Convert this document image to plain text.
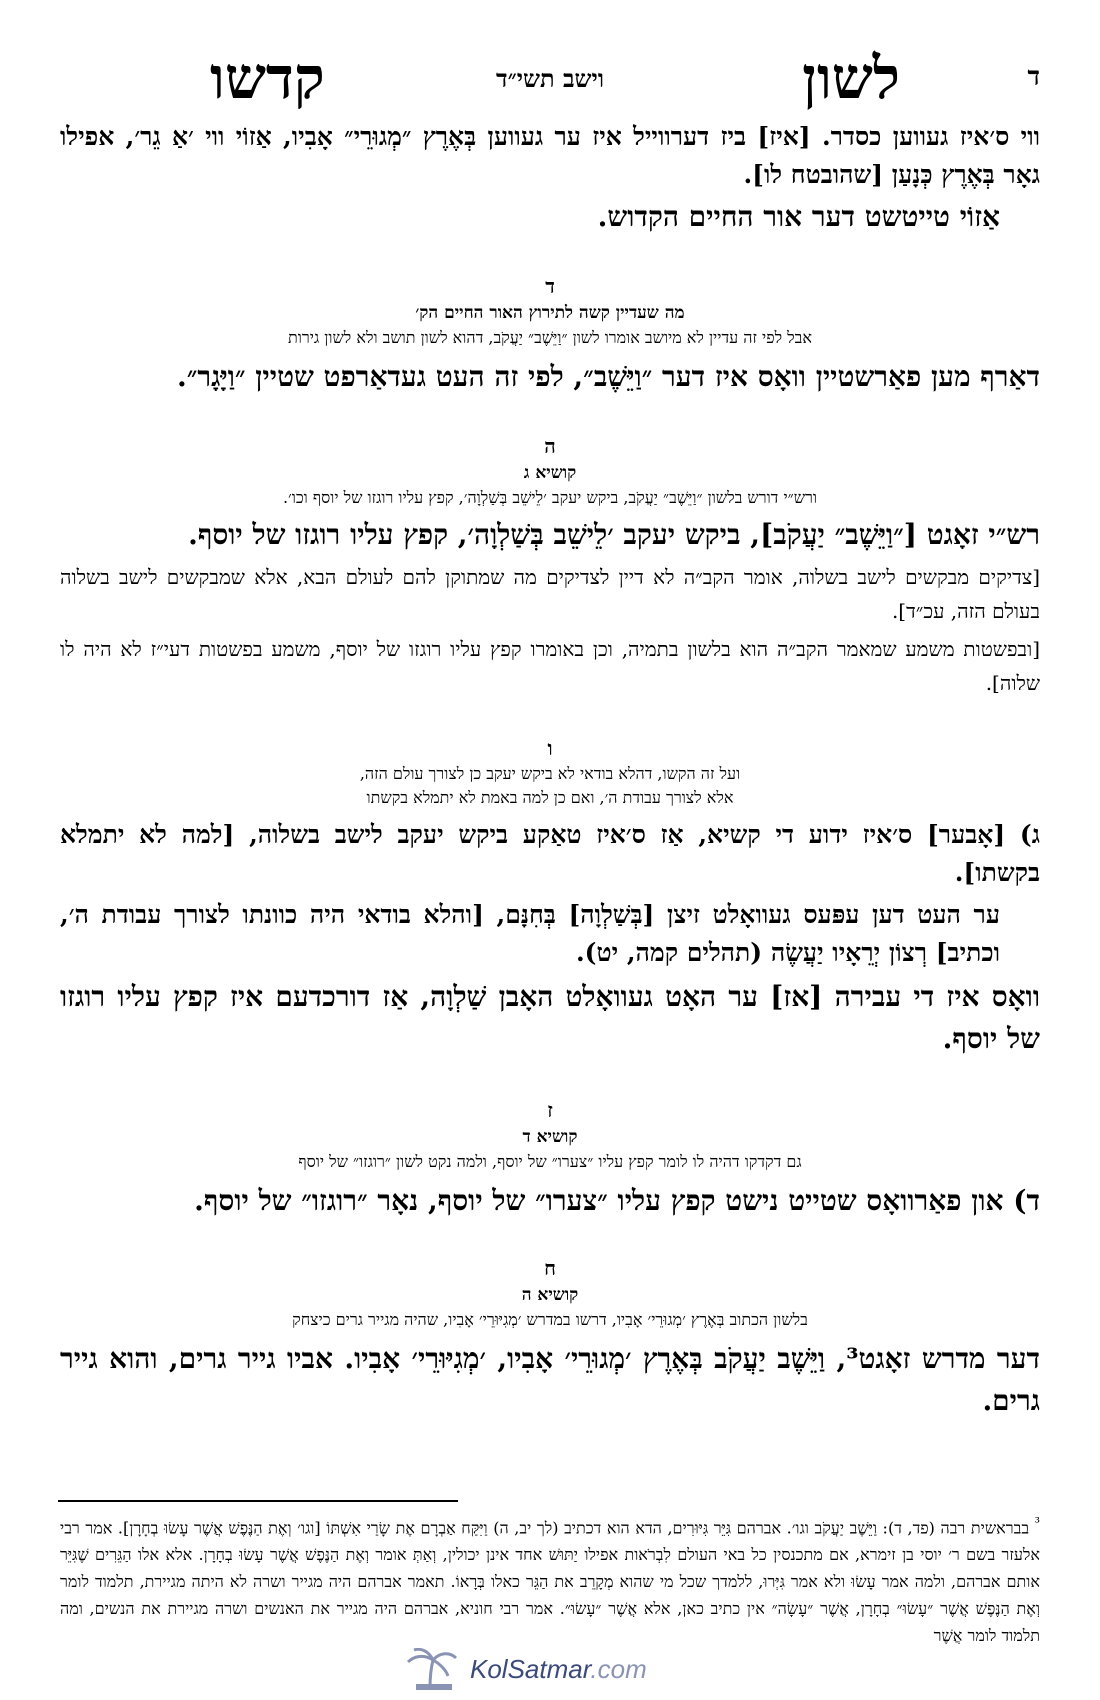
ד
לשון
וישב תשי״ד
קדשו

ווי ס׳איז געווען כסדר. [איז] ביז דערווייל איז ער געווען בְּאֶרֶץ ״מְגוּרֵי״ אָבִיו, אַזוֹי ווי ׳אַ גֵר׳, אפילו גאָר בְּאֶרֶץ כְּנָעַן [שהובטח לו].

אַזוֹי טייטשט דער אור החיים הקדוש.

ד
מה שעדיין קשה לתירוץ האור החיים הק׳
אבל לפי זה עדיין לא מיושב אומרו לשון ״וַיֵּשֶׁב״ יַעֲקֹב, דהוא לשון תושב ולא לשון גירות

דאַרף מען פאַרשטיין וואָס איז דער ״וַיֵּשֶׁב״, לפי זה העט געדאַרפט שטיין ״וַיָּגָר״.

ה
קושיא ג
ורש״י דורש בלשון ״וַיֵּשֶׁב״ יַעֲקֹב, ביקש יעקב ׳לֵישֵׁב בְּשַׁלְוָה׳, קפץ עליו רוגזו של יוסף וכו׳.

רש״י זאָגט [״וַיֵּשֶׁב״ יַעֲקֹב], ביקש יעקב ׳לֵישֵׁב בְּשַׁלְוָה׳, קפץ עליו רוגזו של יוסף.

[צדיקים מבקשים לישב בשלוה, אומר הקב״ה לא דיין לצדיקים מה שמתוקן להם לעולם הבא, אלא שמבקשים לישב בשלוה בעולם הזה, עכ״ד].

[ובפשטות משמע שמאמר הקב״ה הוא בלשון בתמיה, וכן באומרו קפץ עליו רוגזו של יוסף, משמע בפשטות דעי״ז לא היה לו שלוה].

ו
ועל זה הקשו, דהלא בודאי לא ביקש יעקב כן לצורך עולם הזה,
אלא לצורך עבודת ה׳, ואם כן למה באמת לא יתמלא בקשתו

ג) [אָבער] ס׳איז ידוע די קשיא, אַז ס׳איז טאַקע ביקש יעקב לישב בשלוה, [למה לא יתמלא בקשתו].

ער העט דען עפּעס געוואָלט זיצן [בְּשַׁלְוָה] בְּחִנָּם, [והלא בודאי היה כוונתו לצורך עבודת ה׳, וכתיב] רְצוֹן יְרֵאָיו יַעֲשֶׂה (תהלים קמה, יט).

וואָס איז די עבירה [אז] ער האָט געוואָלט האָבן שַׁלְוָה, אַז דורכדעם איז קפץ עליו רוגזו של יוסף.

ז
קושיא ד
גם דקדקו דהיה לו לומר קפץ עליו ״צערו״ של יוסף, ולמה נקט לשון ״רוגזו״ של יוסף

ד) און פאַרוואָס שטייט נישט קפץ עליו ״צערו״ של יוסף, נאָר ״רוגזו״ של יוסף.

ח
קושיא ה
בלשון הכתוב בְּאֶרֶץ ׳מְגוּרֵי׳ אָבִיו, דרשו במדרש ׳מְגִיּוּרֵי׳ אָבִיו, שהיה מגייר גרים כיצחק

דער מדרש זאָגט³, וַיֵּשֶׁב יַעֲקֹב בְּאֶרֶץ ׳מְגוּרֵי׳ אָבִיו, ׳מְגִיּוּרֵי׳ אָבִיו. אביו גייר גרים, והוא גייר גרים.

$^{^3}$ בבראשית רבה (פד, ד): וַיֵּשֶׁב יַעֲקֹב וגו׳. אברהם גִּיֵּר גִּיּוּרִים, הדא הוא דכתיב (לך יב, ה) וַיִּקַּח אַבְרָם אֶת שָׂרַי אִשְׁתּוֹ [וגו׳ וְאֶת הַנֶּפֶשׁ אֲשֶׁר עָשׂוּ בְחָרָן]. אמר רבי אלעזר בשם ר׳ יוסי בן זימרא, אם מתכנסין כל באי העולם לִבְרֹאות אפילו יַתּוּשׁ אחד אינן יכולין, וְאַתְּ אומר וְאֶת הַנֶּפֶשׁ אֲשֶׁר עָשׂוּ בְחָרָן. אלא אלו הַגֵּרִים שֶׁגִּיֵּר אותם אברהם, ולמה אמר עָשׂוּ ולא אמר גִּיְּרוּ, ללמדך שכל מי שהוא מְקָרֵב את הַגֵּר כאלו בְּרָאוֹ. תאמר אברהם היה מגייר ושרה לא היתה מגיירת, תלמוד לומר וְאֶת הַנֶּפֶשׁ אֲשֶׁר ״עָשׂוּ״ בְחָרָן, אֲשֶׁר ״עָשָׂה״ אין כתיב כאן, אלא אֲשֶׁר ״עָשׂוּ״. אמר רבי חוניא, אברהם היה מגייר את האנשים ושרה מגיירת את הנשים, ומה תלמוד לומר אֲשֶׁר
KolSatmar.com
